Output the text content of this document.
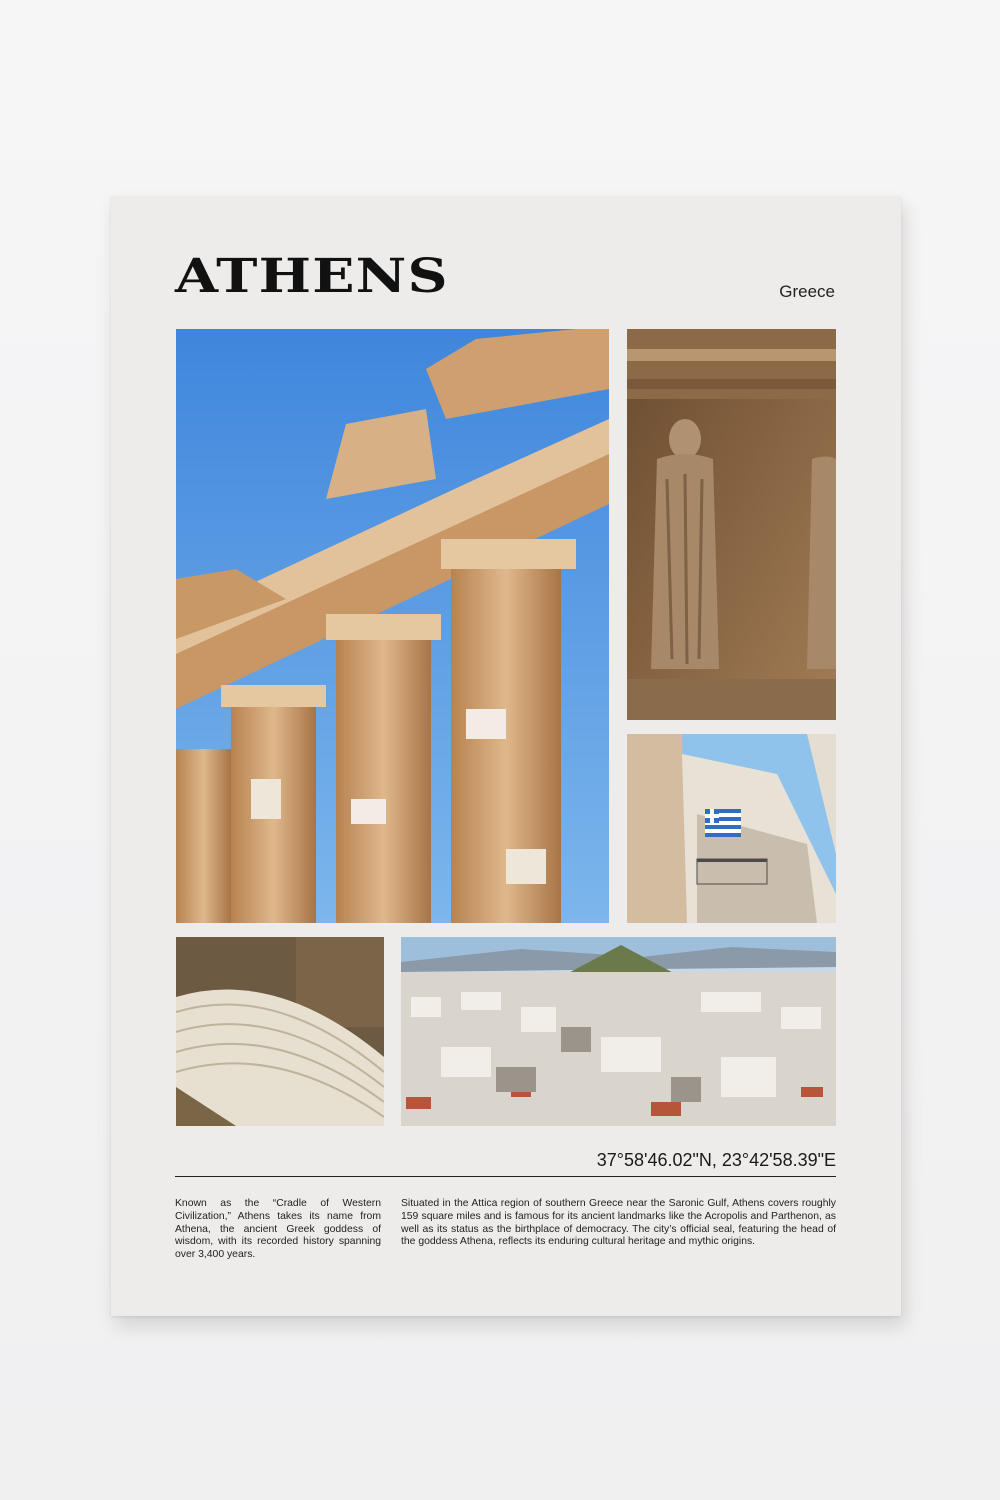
ATHENS	Greece
37°58'46.02"N, 23°42'58.39"E

Known as the “Cradle of Western Civilization,” Athens takes its name from Athena, the ancient Greek goddess of wisdom, with its recorded history spanning over 3,400 years.

Situated in the Attica region of southern Greece near the Saronic Gulf, Athens covers roughly 159 square miles and is famous for its ancient landmarks like the Acropolis and Parthenon, as well as its status as the birthplace of democracy. The city’s official seal, featuring the head of the goddess Athena, reflects its enduring cultural heritage and mythic origins.
